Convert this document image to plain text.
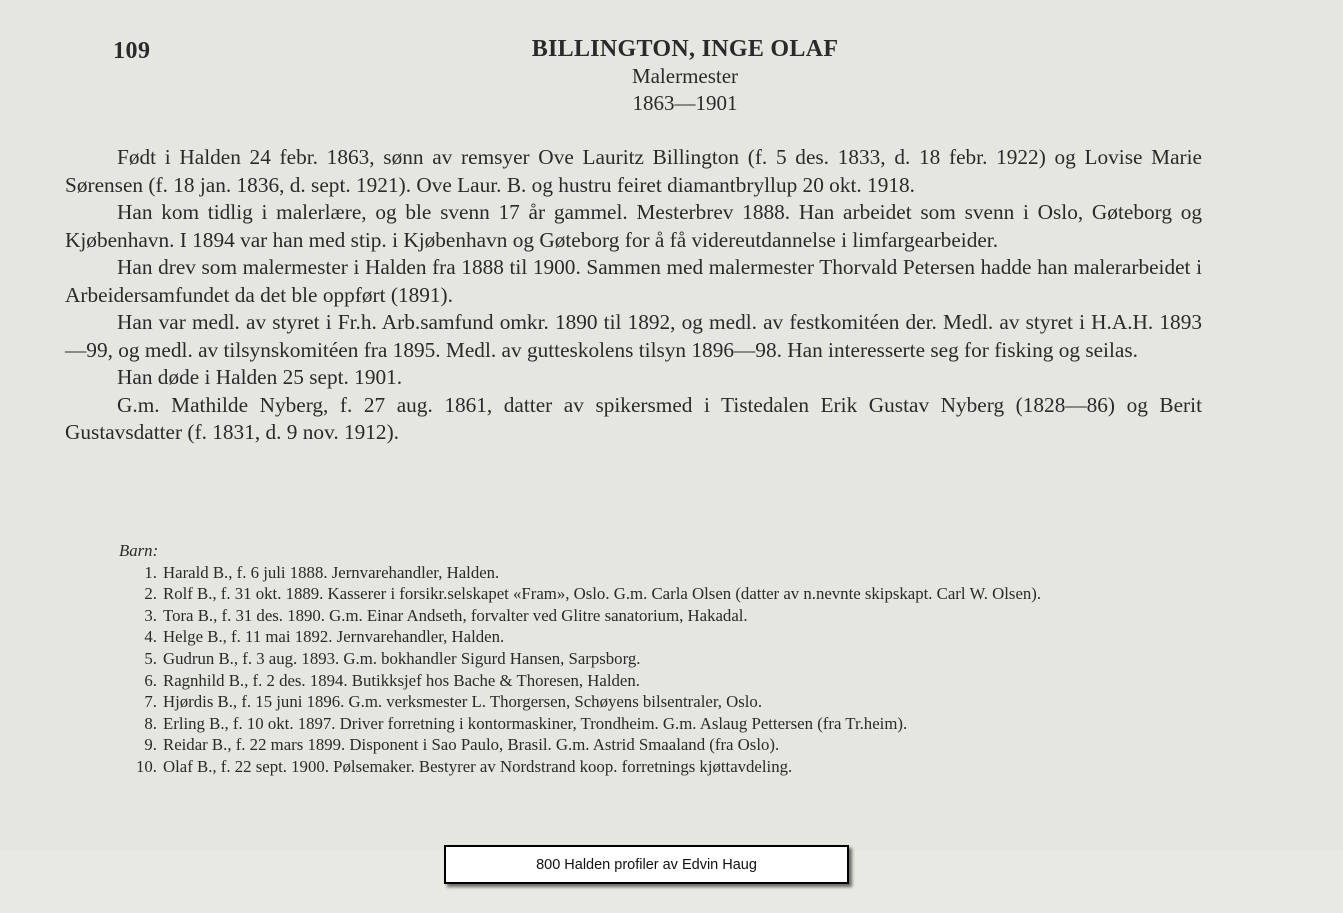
109	BILLINGTON, INGE OLAF
Malermester
1863—1901

Født i Halden 24 febr. 1863, sønn av remsyer Ove Lauritz Billington (f. 5 des. 1833, d. 18 febr. 1922) og Lovise Marie Sørensen (f. 18 jan. 1836, d. sept. 1921). Ove Laur. B. og hustru feiret diamantbryllup 20 okt. 1918.

Han kom tidlig i malerlære, og ble svenn 17 år gammel. Mesterbrev 1888. Han arbeidet som svenn i Oslo, Gøteborg og Kjøbenhavn. I 1894 var han med stip. i Kjøbenhavn og Gøteborg for å få videreutdannelse i limfargearbeider.

Han drev som malermester i Halden fra 1888 til 1900. Sammen med malermester Thorvald Petersen hadde han malerarbeidet i Arbeidersamfundet da det ble oppført (1891).

Han var medl. av styret i Fr.h. Arb.samfund omkr. 1890 til 1892, og medl. av festkomitéen der. Medl. av styret i H.A.H. 1893—99, og medl. av tilsynskomitéen fra 1895. Medl. av gutteskolens tilsyn 1896—98. Han interesserte seg for fisking og seilas.

Han døde i Halden 25 sept. 1901.

G.m. Mathilde Nyberg, f. 27 aug. 1861, datter av spikersmed i Tistedalen Erik Gustav Nyberg (1828—86) og Berit Gustavsdatter (f. 1831, d. 9 nov. 1912).

Barn:
1. Harald B., f. 6 juli 1888. Jernvarehandler, Halden.
2. Rolf B., f. 31 okt. 1889. Kasserer i forsikr.selskapet «Fram», Oslo. G.m. Carla Olsen (datter av n.nevnte skipskapt. Carl W. Olsen).
3. Tora B., f. 31 des. 1890. G.m. Einar Andseth, forvalter ved Glitre sanatorium, Hakadal.
4. Helge B., f. 11 mai 1892. Jernvarehandler, Halden.
5. Gudrun B., f. 3 aug. 1893. G.m. bokhandler Sigurd Hansen, Sarpsborg.
6. Ragnhild B., f. 2 des. 1894. Butikksjef hos Bache & Thoresen, Halden.
7. Hjørdis B., f. 15 juni 1896. G.m. verksmester L. Thorgersen, Schøyens bilsentraler, Oslo.
8. Erling B., f. 10 okt. 1897. Driver forretning i kontormaskiner, Trondheim. G.m. Aslaug Pettersen (fra Tr.heim).
9. Reidar B., f. 22 mars 1899. Disponent i Sao Paulo, Brasil. G.m. Astrid Smaaland (fra Oslo).
10. Olaf B., f. 22 sept. 1900. Pølsemaker. Bestyrer av Nordstrand koop. forretnings kjøttavdeling.
800 Halden profiler av Edvin Haug
